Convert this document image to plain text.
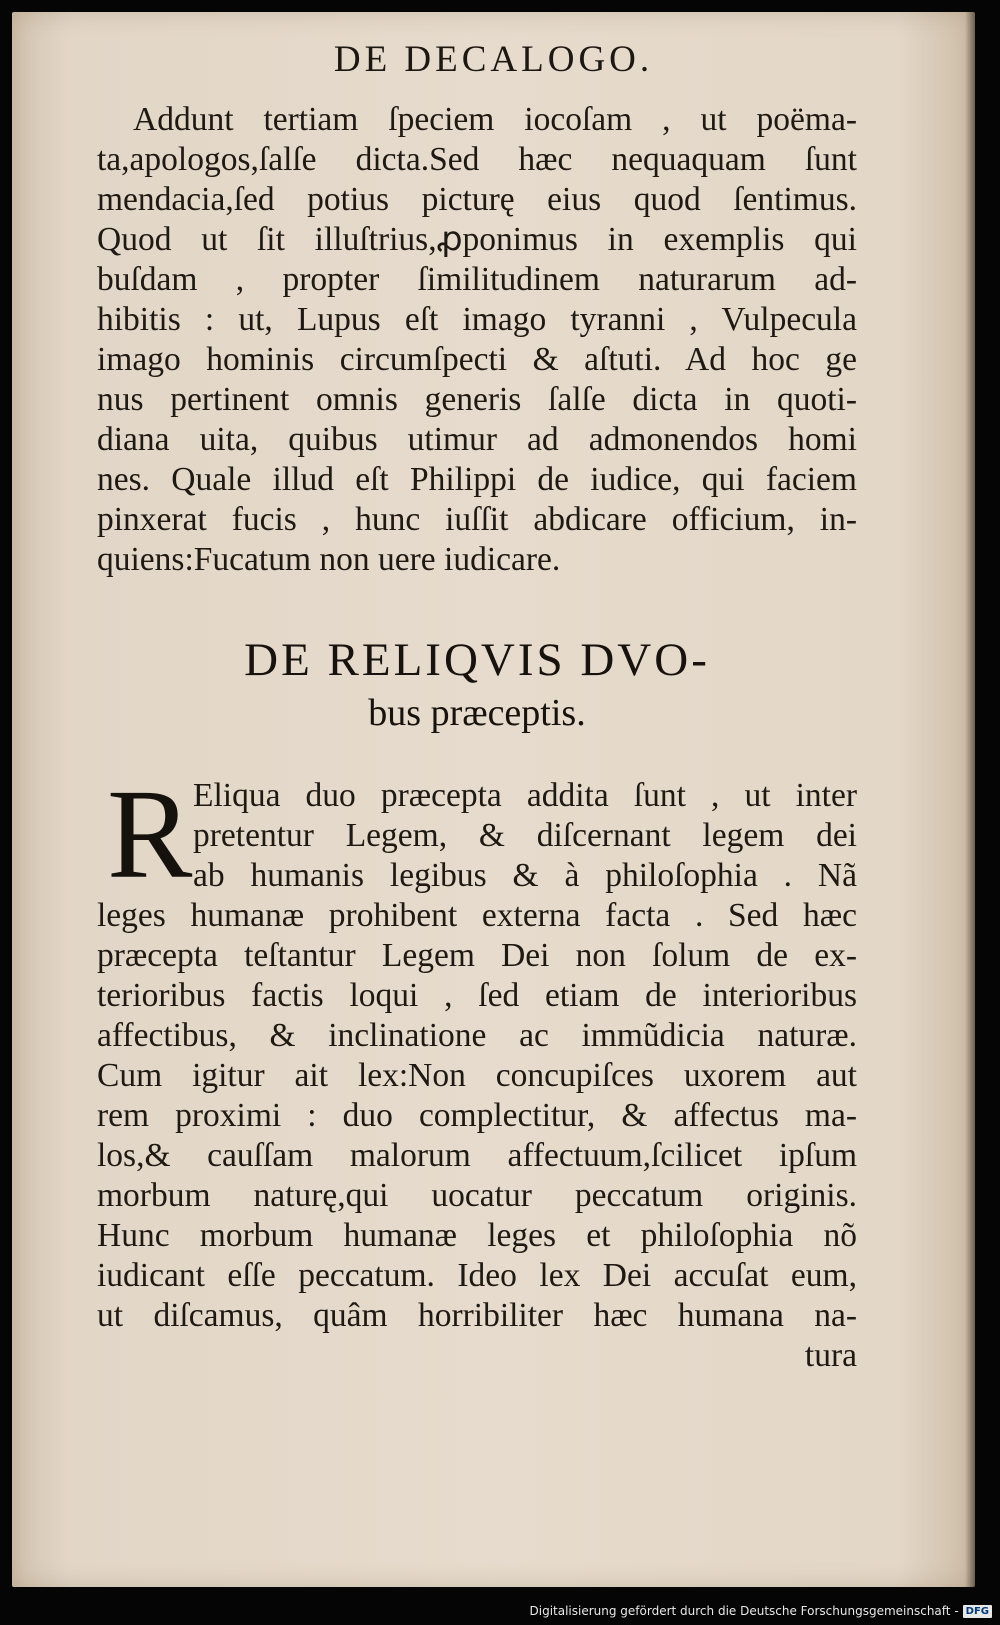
DE DECALOGO.
Addunt tertiam ſpeciem iocoſam , ut poëma-
ta,apologos,ſalſe dicta.Sed hæc nequaquam ſunt
mendacia,ſed potius picturę eius quod ſentimus.
Quod ut ſit illuſtrius,ꝓponimus in exemplis qui
buſdam , propter ſimilitudinem naturarum ad-
hibitis : ut, Lupus eſt imago tyranni , Vulpecula
imago hominis circumſpecti & aſtuti. Ad hoc ge
nus pertinent omnis generis ſalſe dicta in quoti-
diana uita, quibus utimur ad admonendos homi
nes. Quale illud eſt Philippi de iudice, qui faciem
pinxerat fucis , hunc iuſſit abdicare officium, in-
quiens:Fucatum non uere iudicare.
DE RELIQVIS DVO-
bus præceptis.
R Eliqua duo præcepta addita ſunt , ut inter
pretentur Legem, & diſcernant legem dei
ab humanis legibus & à philoſophia . Nã
leges humanæ prohibent externa facta . Sed hæc
præcepta teſtantur Legem Dei non ſolum de ex-
terioribus factis loqui , ſed etiam de interioribus
affectibus, & inclinatione ac immũdicia naturæ.
Cum igitur ait lex:Non concupiſces uxorem aut
rem proximi : duo complectitur, & affectus ma-
los,& cauſſam malorum affectuum,ſcilicet ipſum
morbum naturę,qui uocatur peccatum originis.
Hunc morbum humanæ leges et philoſophia nõ
iudicant eſſe peccatum. Ideo lex Dei accuſat eum,
ut diſcamus, quâm horribiliter hæc humana na-
tura
Digitalisierung gefördert durch die Deutsche Forschungsgemeinschaft - DFG
